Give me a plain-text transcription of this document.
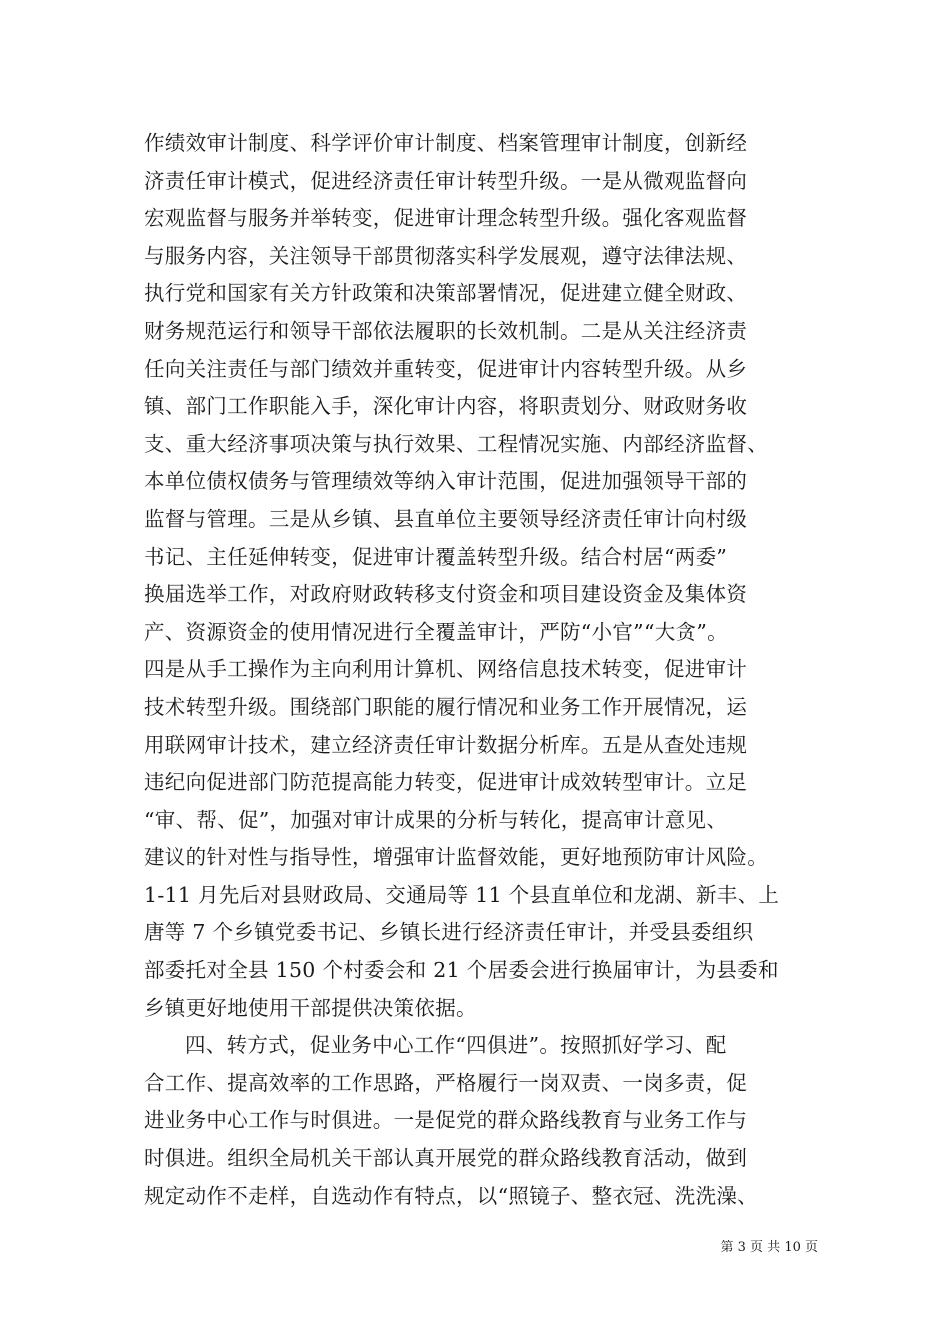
作绩效审计制度、科学评价审计制度、档案管理审计制度，创新经
济责任审计模式，促进经济责任审计转型升级。一是从微观监督向
宏观监督与服务并举转变，促进审计理念转型升级。强化客观监督
与服务内容，关注领导干部贯彻落实科学发展观，遵守法律法规、
执行党和国家有关方针政策和决策部署情况，促进建立健全财政、
财务规范运行和领导干部依法履职的长效机制。二是从关注经济责
任向关注责任与部门绩效并重转变，促进审计内容转型升级。从乡
镇、部门工作职能入手，深化审计内容，将职责划分、财政财务收
支、重大经济事项决策与执行效果、工程情况实施、内部经济监督、
本单位债权债务与管理绩效等纳入审计范围，促进加强领导干部的
监督与管理。三是从乡镇、县直单位主要领导经济责任审计向村级
书记、主任延伸转变，促进审计覆盖转型升级。结合村居“两委”
换届选举工作，对政府财政转移支付资金和项目建设资金及集体资
产、资源资金的使用情况进行全覆盖审计，严防“小官”“大贪”。
四是从手工操作为主向利用计算机、网络信息技术转变，促进审计
技术转型升级。围绕部门职能的履行情况和业务工作开展情况，运
用联网审计技术，建立经济责任审计数据分析库。五是从查处违规
违纪向促进部门防范提高能力转变，促进审计成效转型审计。立足
“审、帮、促”，加强对审计成果的分析与转化，提高审计意见、
建议的针对性与指导性，增强审计监督效能，更好地预防审计风险。
1-11 月先后对县财政局、交通局等 11 个县直单位和龙湖、新丰、上
唐等 7 个乡镇党委书记、乡镇长进行经济责任审计，并受县委组织
部委托对全县 150 个村委会和 21 个居委会进行换届审计，为县委和
乡镇更好地使用干部提供决策依据。
四、转方式，促业务中心工作“四俱进”。按照抓好学习、配
合工作、提高效率的工作思路，严格履行一岗双责、一岗多责，促
进业务中心工作与时俱进。一是促党的群众路线教育与业务工作与
时俱进。组织全局机关干部认真开展党的群众路线教育活动，做到
规定动作不走样，自选动作有特点，以“照镜子、整衣冠、洗洗澡、
第 3 页 共 10 页
